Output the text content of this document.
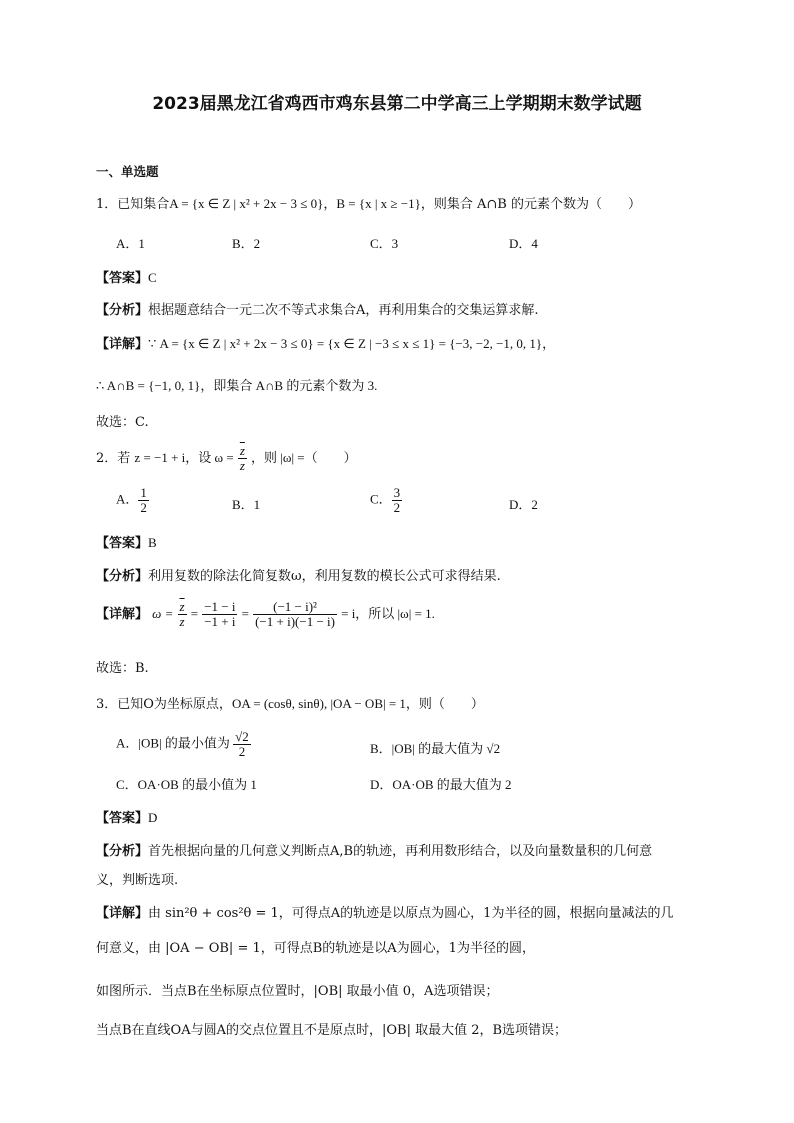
2023届黑龙江省鸡西市鸡东县第二中学高三上学期期末数学试题
一、单选题
1．已知集合A = {x ∈ Z | x² + 2x − 3 ≤ 0}，B = {x | x ≥ −1}，则集合 A∩B 的元素个数为（　　）
A．1	B．2	C．3	D．4
【答案】C
【分析】根据题意结合一元二次不等式求集合A，再利用集合的交集运算求解.
【详解】∵ A = {x ∈ Z | x² + 2x − 3 ≤ 0} = {x ∈ Z | −3 ≤ x ≤ 1} = {−3, −2, −1, 0, 1}，
∴ A∩B = {−1, 0, 1}，即集合 A∩B 的元素个数为 3.
故选：C.
2．若 z = −1 + i，设 $\omega = \frac{\overline{z}}{z}$ ，则 |ω| =（　　）
A． $\frac{1}{2}$	B．1	C． $\frac{3}{2}$	D．2
【答案】B
【分析】利用复数的除法化简复数ω，利用复数的模长公式可求得结果.
【详解】 $\omega = \frac{\overline{z}}{z} = \frac{-1 - i}{-1 + i} = \frac{\text{(−1 − i)²}}{(-1 + i)(-1 - i)} = i$，所以 |ω| = 1.
故选：B.
3．已知O为坐标原点，OA = (cosθ, sinθ), |OA − OB| = 1，则（　　）
A．|OB| 的最小值为 $\frac{√2}{2}$	B．|OB| 的最大值为 √2
C．OA·OB 的最小值为 1	D．OA·OB 的最大值为 2
【答案】D
【分析】首先根据向量的几何意义判断点A,B的轨迹，再利用数形结合，以及向量数量积的几何意
义，判断选项.
【详解】由 sin²θ + cos²θ = 1，可得点A的轨迹是以原点为圆心，1为半径的圆，根据向量减法的几
何意义，由 |OA − OB| = 1，可得点B的轨迹是以A为圆心，1为半径的圆，
如图所示．当点B在坐标原点位置时，|OB| 取最小值 0，A选项错误；
当点B在直线OA与圆A的交点位置且不是原点时，|OB| 取最大值 2，B选项错误；
